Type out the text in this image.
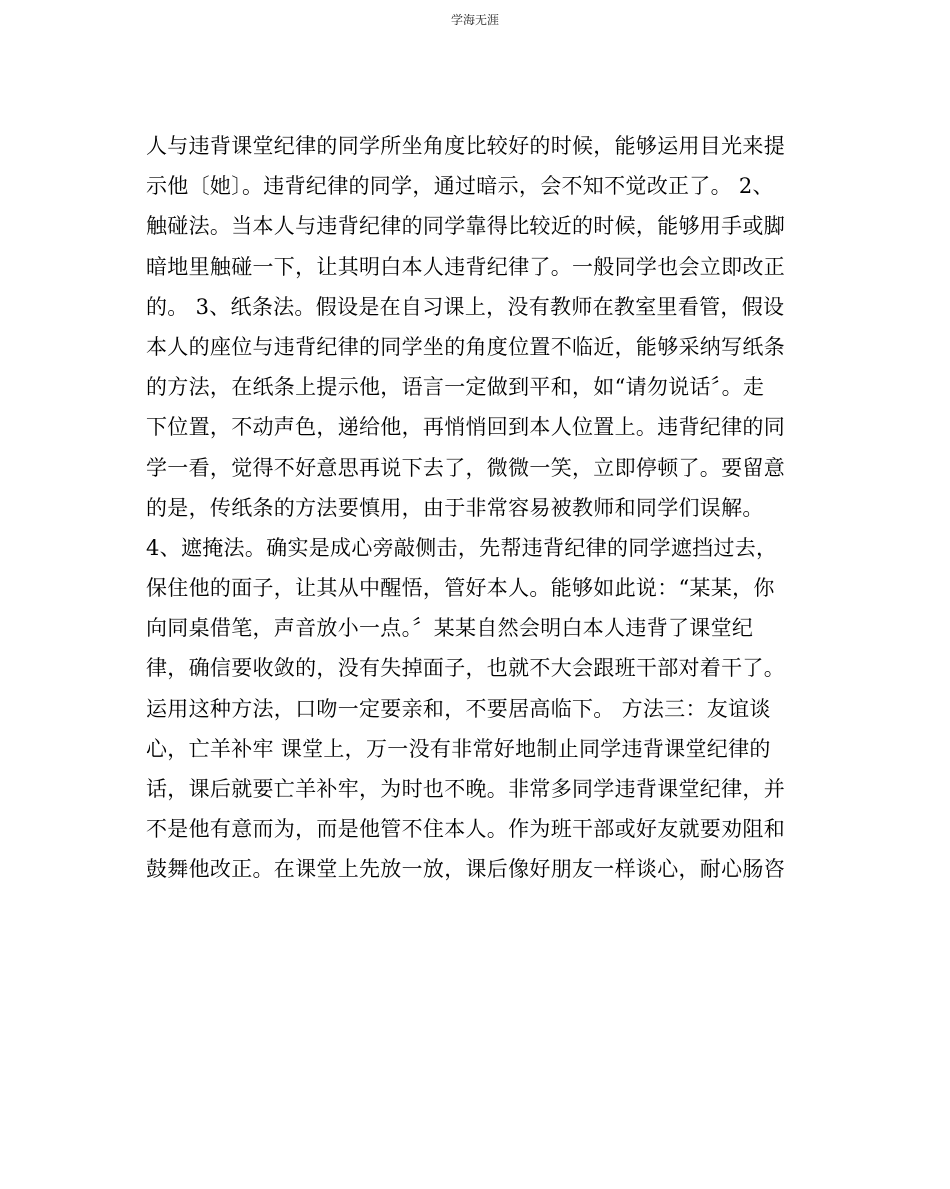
学海无涯
人与违背课堂纪律的同学所坐角度比较好的时候，能够运用目光来提
示他〔她〕。违背纪律的同学，通过暗示，会不知不觉改正了。 2、
触碰法。当本人与违背纪律的同学靠得比较近的时候，能够用手或脚
暗地里触碰一下，让其明白本人违背纪律了。一般同学也会立即改正
的。 3、纸条法。假设是在自习课上，没有教师在教室里看管，假设
本人的座位与违背纪律的同学坐的角度位置不临近，能够采纳写纸条
的方法，在纸条上提示他，语言一定做到平和，如“请勿说话〞。走
下位置，不动声色，递给他，再悄悄回到本人位置上。违背纪律的同
学一看，觉得不好意思再说下去了，微微一笑，立即停顿了。要留意
的是，传纸条的方法要慎用，由于非常容易被教师和同学们误解。
4、遮掩法。确实是成心旁敲侧击，先帮违背纪律的同学遮挡过去，
保住他的面子，让其从中醒悟，管好本人。能够如此说：“某某，你
向同桌借笔，声音放小一点。〞某某自然会明白本人违背了课堂纪
律，确信要收敛的，没有失掉面子，也就不大会跟班干部对着干了。
运用这种方法，口吻一定要亲和，不要居高临下。 方法三：友谊谈
心，亡羊补牢 课堂上，万一没有非常好地制止同学违背课堂纪律的
话，课后就要亡羊补牢，为时也不晚。非常多同学违背课堂纪律，并
不是他有意而为，而是他管不住本人。作为班干部或好友就要劝阻和
鼓舞他改正。在课堂上先放一放，课后像好朋友一样谈心，耐心肠咨
